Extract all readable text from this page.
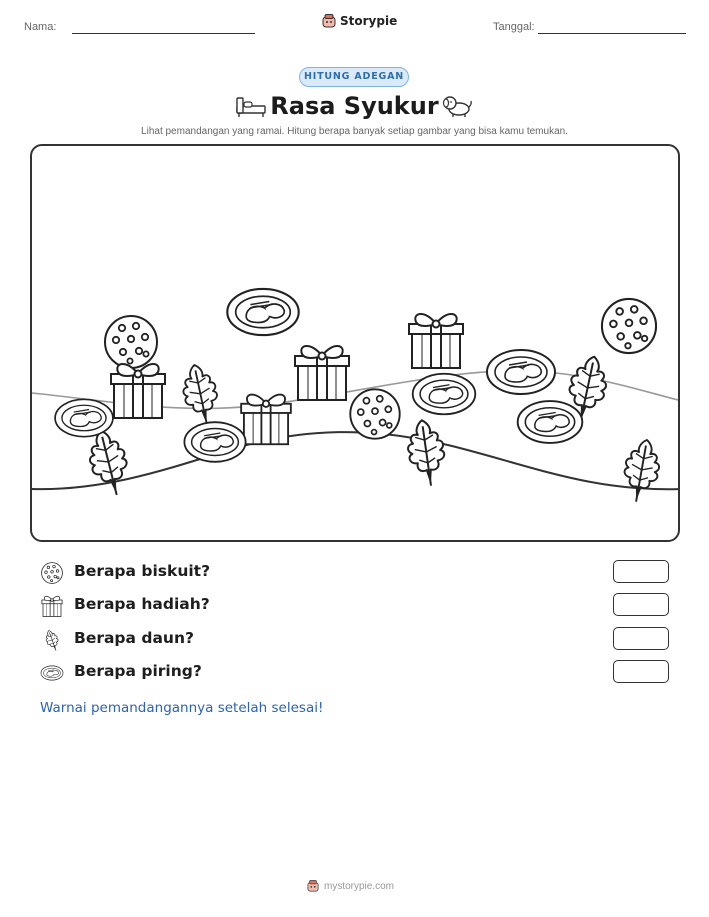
Nama:	Storypie	Tanggal:
HITUNG ADEGAN
Rasa Syukur
Lihat pemandangan yang ramai. Hitung berapa banyak setiap gambar yang bisa kamu temukan.
Berapa biskuit?
Berapa hadiah?
Berapa daun?
Berapa piring?
Warnai pemandangannya setelah selesai!
mystorypie.com
